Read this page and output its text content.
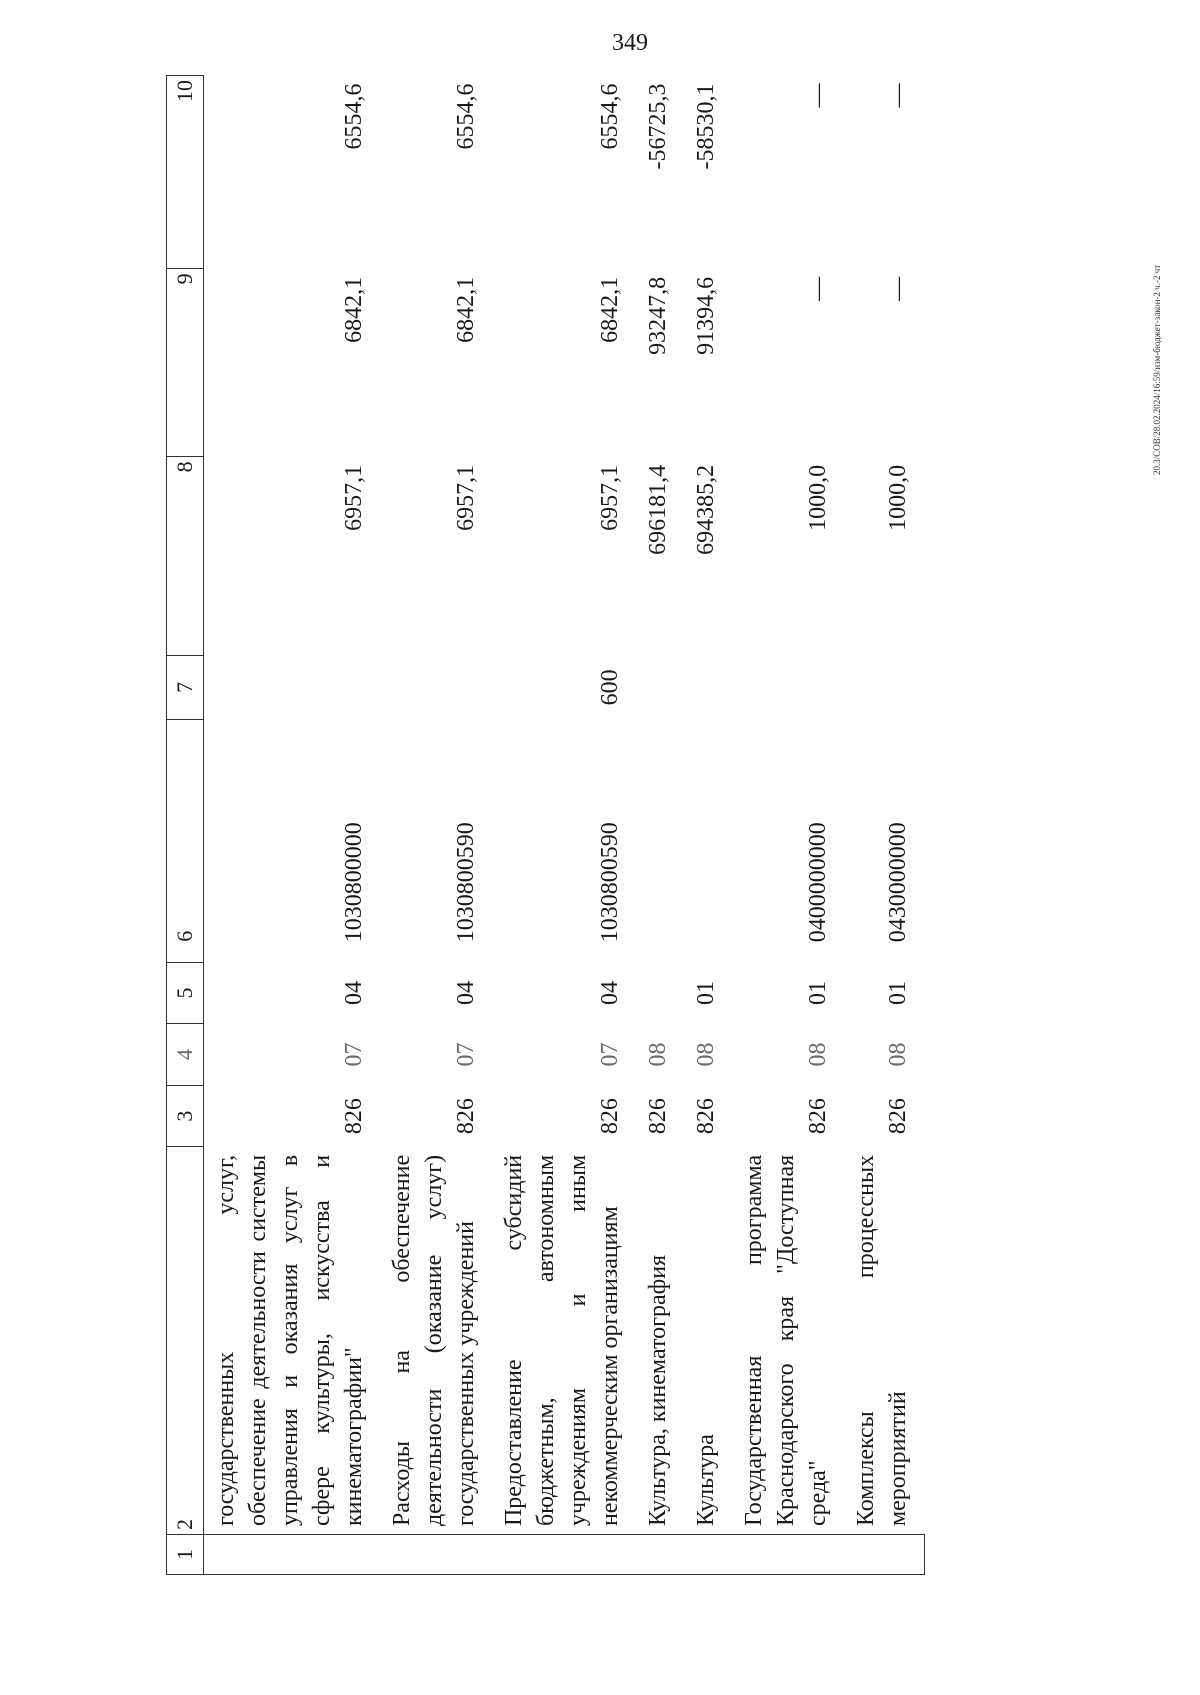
349
20.3/СОВ/28.02.2024/16:59/изм-бюджет-закон-2 ч.-2 чт
1	2	3	4	5	6	7	8	9	10
	государственных услуг, обеспечение деятельности системы управления и оказания услуг в сфере культуры, искусства и кинематографии"	826	07	04	1030800000		6957,1	6842,1	6554,6
	Расходы на обеспечение деятельности (оказание услуг) государственных учреждений	826	07	04	1030800590		6957,1	6842,1	6554,6
	Предоставление субсидий бюджетным, автономным учреждениям и иным некоммерческим организациям	826	07	04	1030800590	600	6957,1	6842,1	6554,6
	Культура, кинематография	826	08				696181,4	93247,8	-56725,3
	Культура	826	08	01			694385,2	91394,6	-58530,1
	Государственная программа Краснодарского края "Доступная среда"	826	08	01	0400000000		1000,0	—	—
	Комплексы процессных мероприятий	826	08	01	0430000000		1000,0	—	—
